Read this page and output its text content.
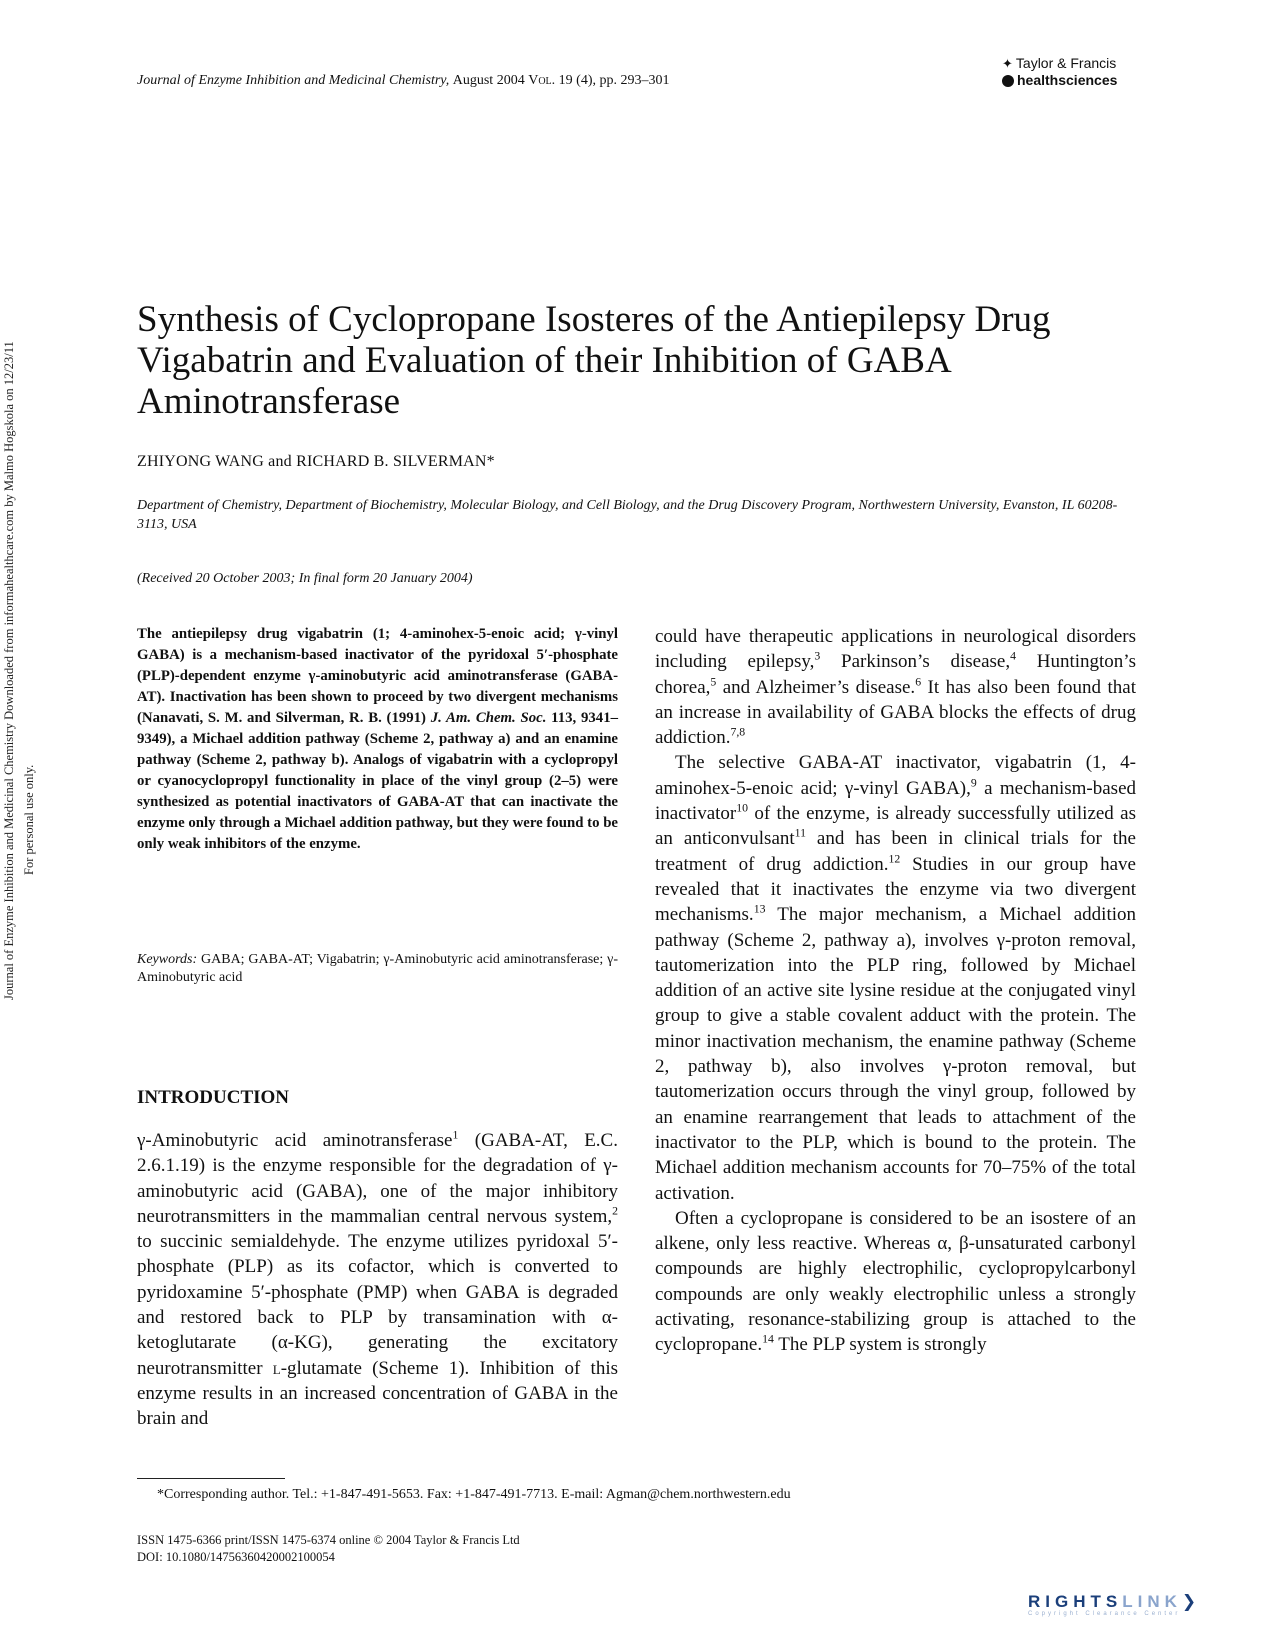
Journal of Enzyme Inhibition and Medicinal Chemistry Downloaded from informahealthcare.com by Malmo Hogskola on 12/23/11 For personal use only.
Journal of Enzyme Inhibition and Medicinal Chemistry, August 2004 Vol. 19 (4), pp. 293–301
✦ Taylor & Francis
healthsciences
Synthesis of Cyclopropane Isosteres of the Antiepilepsy Drug Vigabatrin and Evaluation of their Inhibition of GABA Aminotransferase
ZHIYONG WANG and RICHARD B. SILVERMAN*
Department of Chemistry, Department of Biochemistry, Molecular Biology, and Cell Biology, and the Drug Discovery Program, Northwestern University, Evanston, IL 60208-3113, USA
(Received 20 October 2003; In final form 20 January 2004)
The antiepilepsy drug vigabatrin (1; 4-aminohex-5-enoic acid; γ-vinyl GABA) is a mechanism-based inactivator of the pyridoxal 5′-phosphate (PLP)-dependent enzyme γ-aminobutyric acid aminotransferase (GABA-AT). Inactivation has been shown to proceed by two divergent mechanisms (Nanavati, S. M. and Silverman, R. B. (1991) J. Am. Chem. Soc. 113, 9341–9349), a Michael addition pathway (Scheme 2, pathway a) and an enamine pathway (Scheme 2, pathway b). Analogs of vigabatrin with a cyclopropyl or cyanocyclopropyl functionality in place of the vinyl group (2–5) were synthesized as potential inactivators of GABA-AT that can inactivate the enzyme only through a Michael addition pathway, but they were found to be only weak inhibitors of the enzyme.
Keywords: GABA; GABA-AT; Vigabatrin; γ-Aminobutyric acid aminotransferase; γ-Aminobutyric acid
INTRODUCTION

γ-Aminobutyric acid aminotransferase$^1$ (GABA-AT, E.C. 2.6.1.19) is the enzyme responsible for the degradation of γ-aminobutyric acid (GABA), one of the major inhibitory neurotransmitters in the mammalian central nervous system,$^2$ to succinic semialdehyde. The enzyme utilizes pyridoxal 5′-phosphate (PLP) as its cofactor, which is converted to pyridoxamine 5′-phosphate (PMP) when GABA is degraded and restored back to PLP by transamination with α-ketoglutarate (α-KG), generating the excitatory neurotransmitter l-glutamate (Scheme 1). Inhibition of this enzyme results in an increased concentration of GABA in the brain and

could have therapeutic applications in neurological disorders including epilepsy,$^3$ Parkinson’s disease,$^4$ Huntington’s chorea,$^5$ and Alzheimer’s disease.$^6$ It has also been found that an increase in availability of GABA blocks the effects of drug addiction.$^{7,8}$

The selective GABA-AT inactivator, vigabatrin (1, 4-aminohex-5-enoic acid; γ-vinyl GABA),$^9$ a mechanism-based inactivator$^{10}$ of the enzyme, is already successfully utilized as an anticonvulsant$^{11}$ and has been in clinical trials for the treatment of drug addiction.$^{12}$ Studies in our group have revealed that it inactivates the enzyme via two divergent mechanisms.$^{13}$ The major mechanism, a Michael addition pathway (Scheme 2, pathway a), involves γ-proton removal, tautomerization into the PLP ring, followed by Michael addition of an active site lysine residue at the conjugated vinyl group to give a stable covalent adduct with the protein. The minor inactivation mechanism, the enamine pathway (Scheme 2, pathway b), also involves γ-proton removal, but tautomerization occurs through the vinyl group, followed by an enamine rearrangement that leads to attachment of the inactivator to the PLP, which is bound to the protein. The Michael addition mechanism accounts for 70–75% of the total activation.

Often a cyclopropane is considered to be an isostere of an alkene, only less reactive. Whereas α, β-unsaturated carbonyl compounds are highly electrophilic, cyclopropylcarbonyl compounds are only weakly electrophilic unless a strongly activating, resonance-stabilizing group is attached to the cyclopropane.$^{14}$ The PLP system is strongly

*Corresponding author. Tel.: +1-847-491-5653. Fax: +1-847-491-7713. E-mail: Agman@chem.northwestern.edu
ISSN 1475-6366 print/ISSN 1475-6374 online © 2004 Taylor & Francis Ltd
DOI: 10.1080/14756360420002100054
RIGHTSLINK❯
Copyright Clearance Center
